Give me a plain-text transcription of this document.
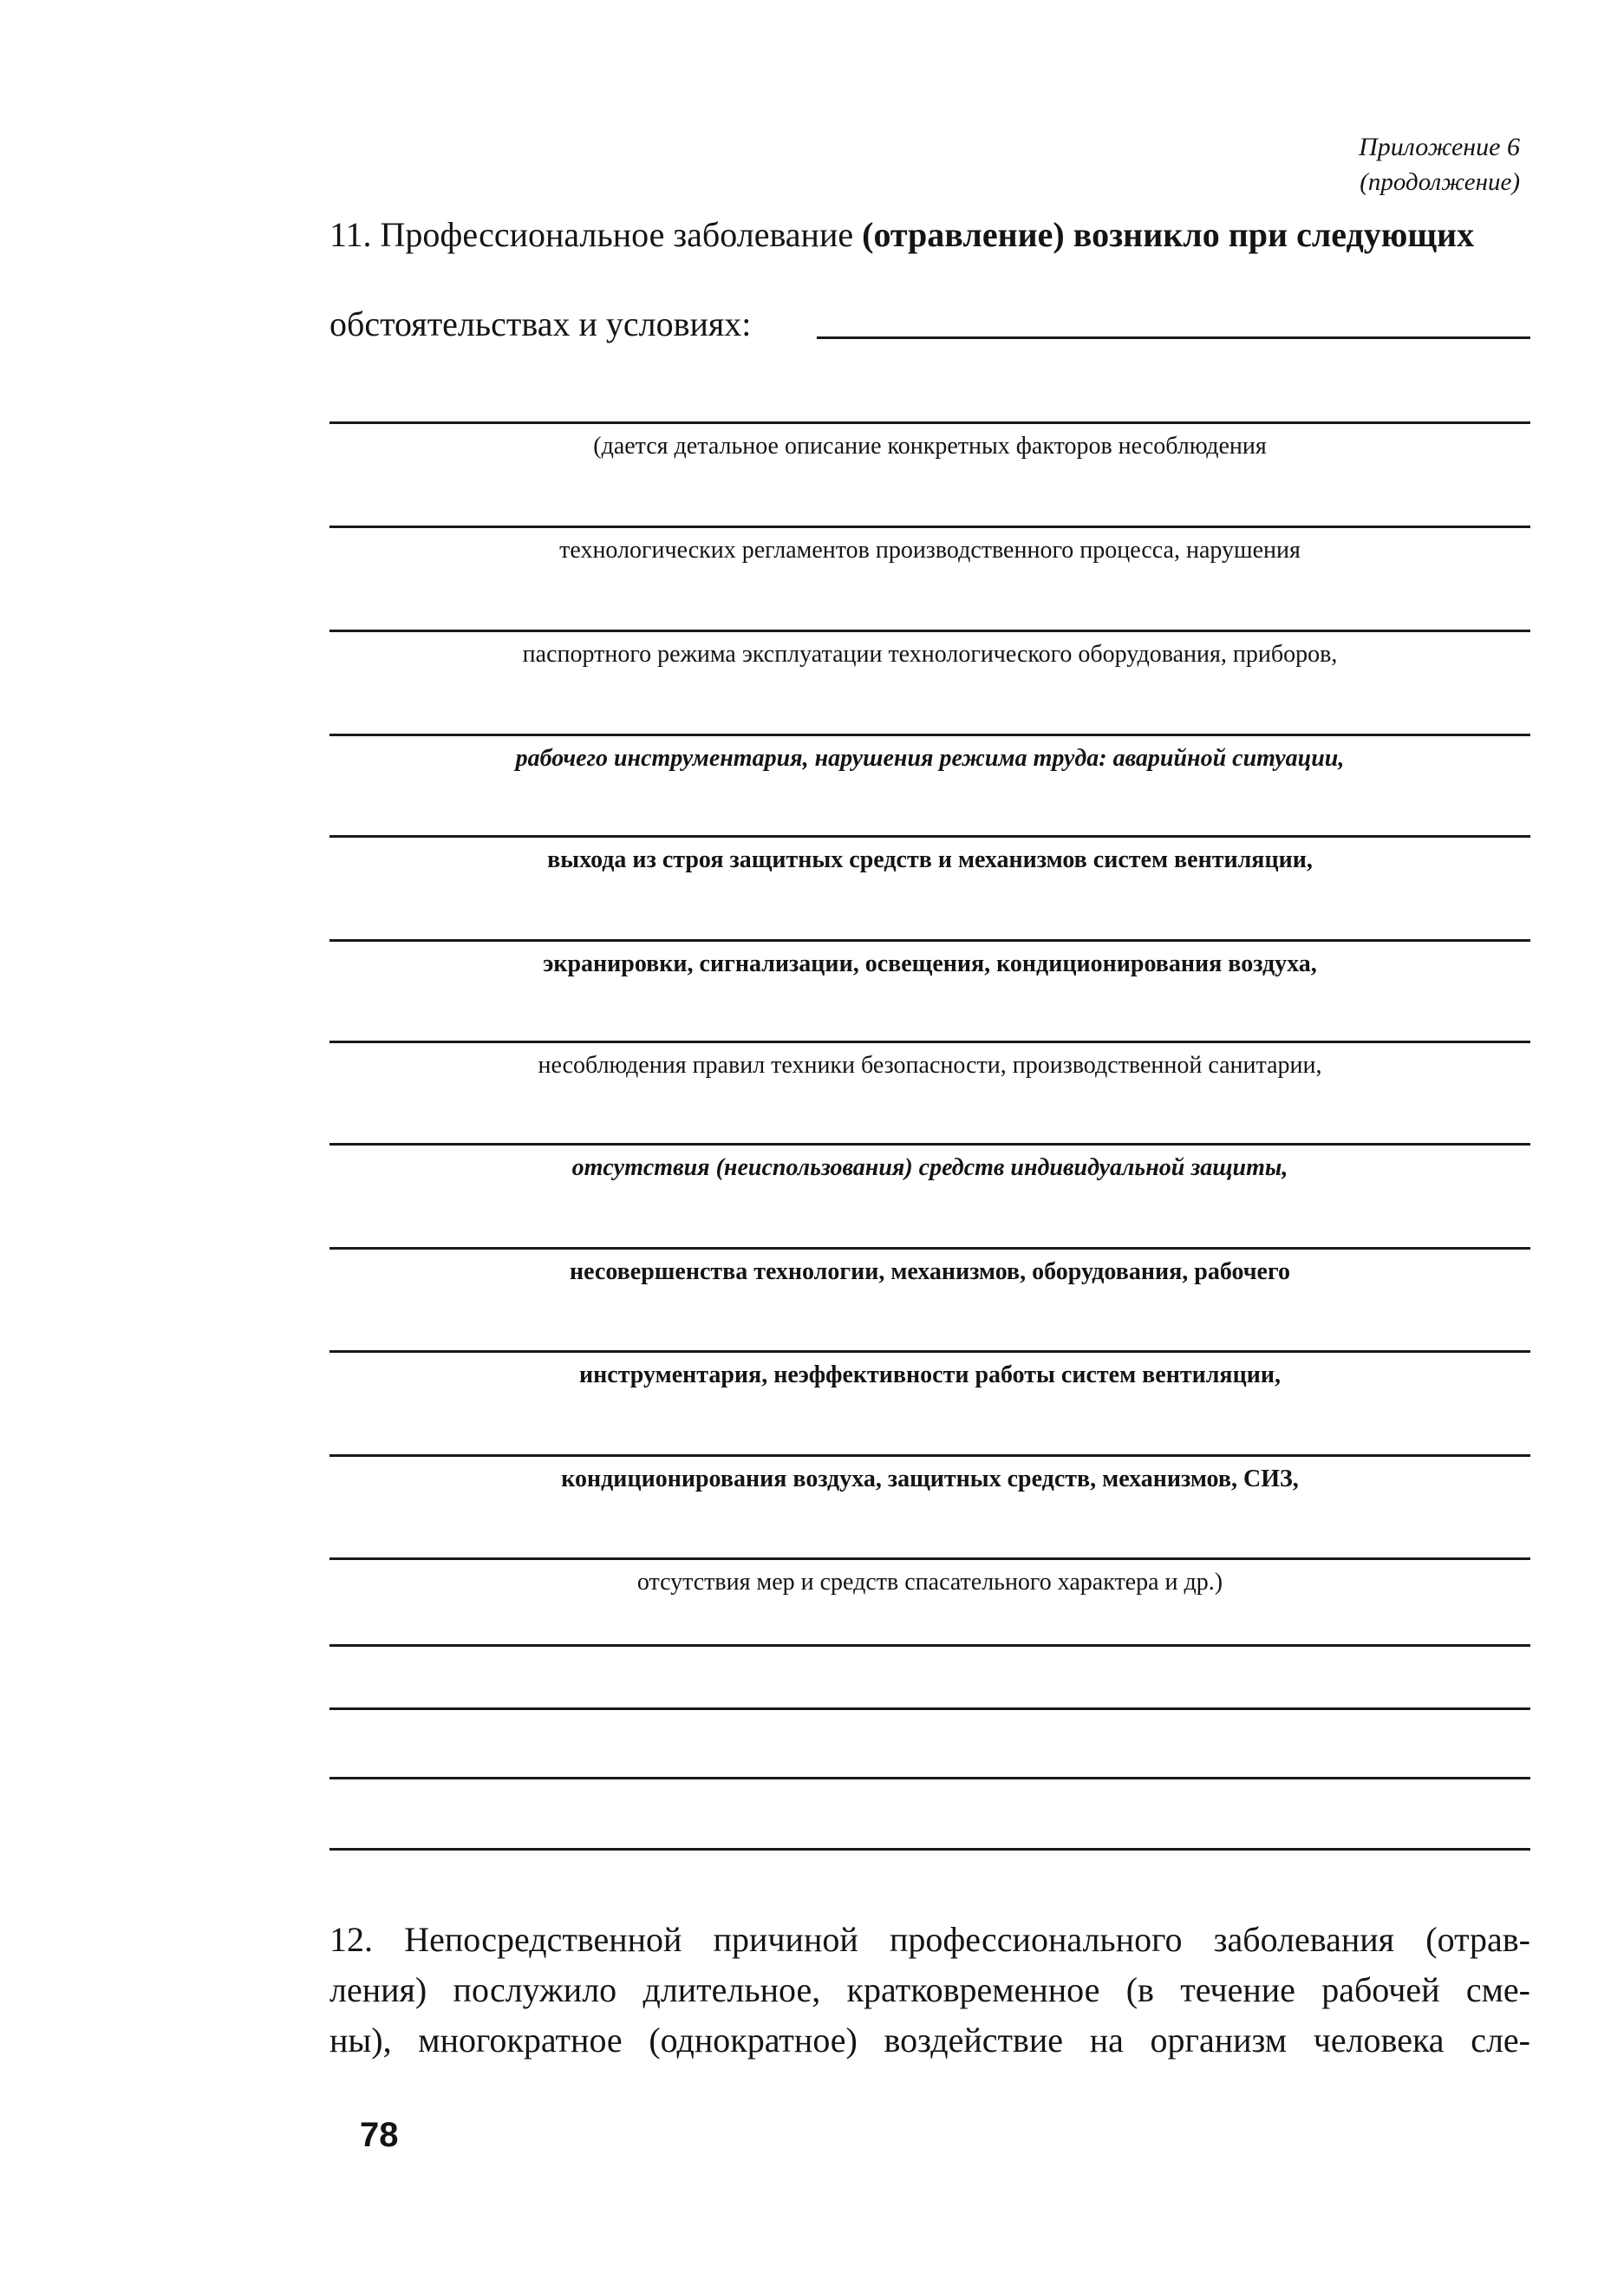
Приложение 6
(продолжение)
11. Профессиональное заболевание (отравление) возникло при следующих
обстоятельствах и условиях:
(дается детальное описание конкретных факторов несоблюдения
технологических регламентов производственного процесса, нарушения
паспортного режима эксплуатации технологического оборудования, приборов,
рабочего инструментария, нарушения режима труда: аварийной ситуации,
выхода из строя защитных средств и механизмов систем вентиляции,
экранировки, сигнализации, освещения, кондиционирования воздуха,
несоблюдения правил техники безопасности, производственной санитарии,
отсутствия (неиспользования) средств индивидуальной защиты,
несовершенства технологии, механизмов, оборудования, рабочего
инструментария, неэффективности работы систем вентиляции,
кондиционирования воздуха, защитных средств, механизмов, СИЗ,
отсутствия мер и средств спасательного характера и др.)
12. Непосредственной причиной профессионального заболевания (отрав-
ления) послужило длительное, кратковременное (в течение рабочей сме-
ны), многократное (однократное) воздействие на организм человека сле-
78
